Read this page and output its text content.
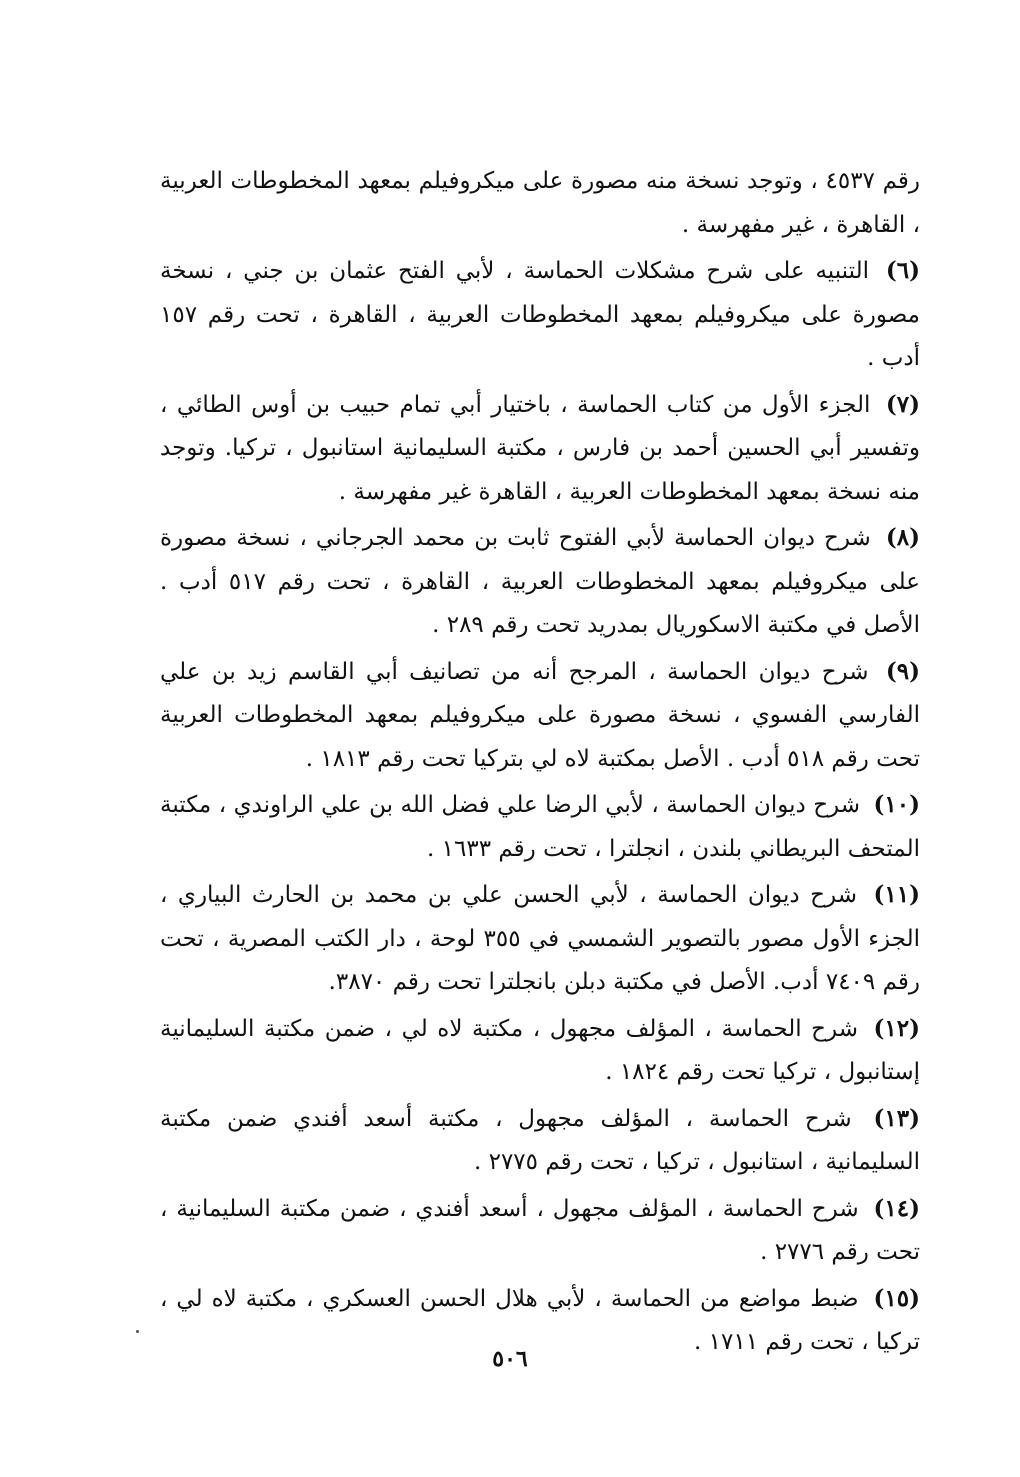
رقم ٤٥٣٧ ، وتوجد نسخة منه مصورة على ميكروفيلم بمعهد المخطوطات العربية ، القاهرة ، غير مفهرسة .

(٦) التنبيه على شرح مشكلات الحماسة ، لأبي الفتح عثمان بن جني ، نسخة مصورة على ميكروفيلم بمعهد المخطوطات العربية ، القاهرة ، تحت رقم ١٥٧ أدب .

(٧) الجزء الأول من كتاب الحماسة ، باختيار أبي تمام حبيب بن أوس الطائي ، وتفسير أبي الحسين أحمد بن فارس ، مكتبة السليمانية استانبول ، تركيا. وتوجد منه نسخة بمعهد المخطوطات العربية ، القاهرة غير مفهرسة .

(٨) شرح ديوان الحماسة لأبي الفتوح ثابت بن محمد الجرجاني ، نسخة مصورة على ميكروفيلم بمعهد المخطوطات العربية ، القاهرة ، تحت رقم ٥١٧ أدب . الأصل في مكتبة الاسكوريال بمدريد تحت رقم ٢٨٩ .

(٩) شرح ديوان الحماسة ، المرجح أنه من تصانيف أبي القاسم زيد بن علي الفارسي الفسوي ، نسخة مصورة على ميكروفيلم بمعهد المخطوطات العربية تحت رقم ٥١٨ أدب . الأصل بمكتبة لاه لي بتركيا تحت رقم ١٨١٣ .

(١٠) شرح ديوان الحماسة ، لأبي الرضا علي فضل الله بن علي الراوندي ، مكتبة المتحف البريطاني بلندن ، انجلترا ، تحت رقم ١٦٣٣ .

(١١) شرح ديوان الحماسة ، لأبي الحسن علي بن محمد بن الحارث البياري ، الجزء الأول مصور بالتصوير الشمسي في ٣٥٥ لوحة ، دار الكتب المصرية ، تحت رقم ٧٤٠٩ أدب. الأصل في مكتبة دبلن بانجلترا تحت رقم ٣٨٧٠.

(١٢) شرح الحماسة ، المؤلف مجهول ، مكتبة لاه لي ، ضمن مكتبة السليمانية إستانبول ، تركيا تحت رقم ١٨٢٤ .

(١٣) شرح الحماسة ، المؤلف مجهول ، مكتبة أسعد أفندي ضمن مكتبة السليمانية ، استانبول ، تركيا ، تحت رقم ٢٧٧٥ .

(١٤) شرح الحماسة ، المؤلف مجهول ، أسعد أفندي ، ضمن مكتبة السليمانية ، تحت رقم ٢٧٧٦ .

(١٥) ضبط مواضع من الحماسة ، لأبي هلال الحسن العسكري ، مكتبة لاه لي ، تركيا ، تحت رقم ١٧١١ .

٥٠٦
